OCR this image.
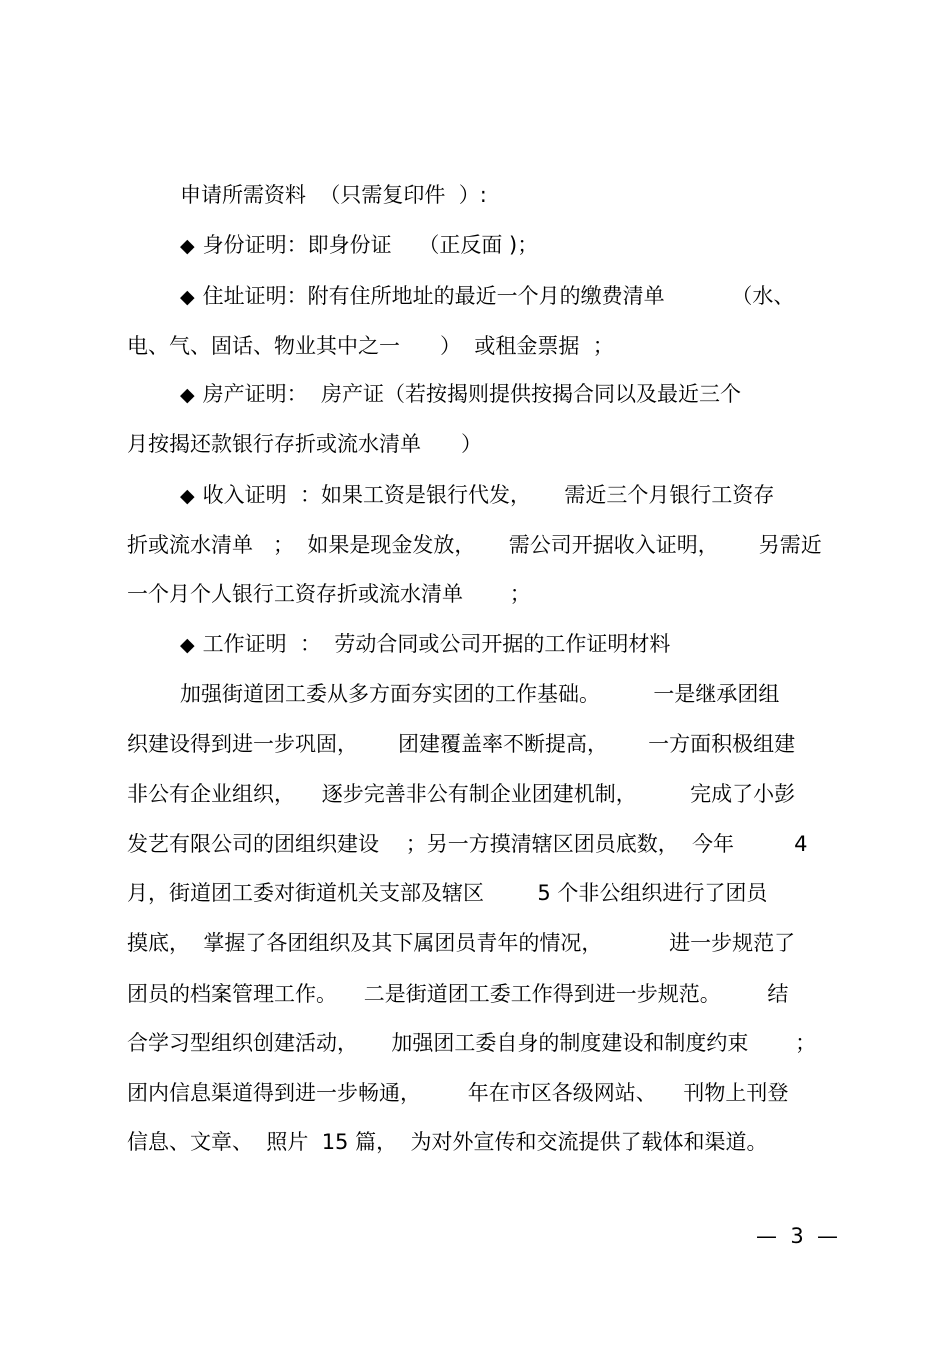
申请所需资料  （只需复印件  ）:
◆ 身份证明：即身份证    （正反面 )；
◆ 住址证明：附有住所地址的最近一个月的缴费清单          （水、
电、气、固话、物业其中之一      ）  或租金票据  ；
◆ 房产证明：  房产证（若按揭则提供按揭合同以及最近三个
月按揭还款银行存折或流水清单      ）
◆ 收入证明  ：如果工资是银行代发，     需近三个月银行工资存
折或流水清单   ；  如果是现金发放，     需公司开据收入证明，      另需近
一个月个人银行工资存折或流水清单       ；
◆ 工作证明  ：  劳动合同或公司开据的工作证明材料
加强街道团工委从多方面夯实团的工作基础。        一是继承团组
织建设得到进一步巩固，      团建覆盖率不断提高，      一方面积极组建
非公有企业组织，    逐步完善非公有制企业团建机制，        完成了小彭
发艺有限公司的团组织建设    ；另一方摸清辖区团员底数，  今年         4
月，街道团工委对街道机关支部及辖区        5 个非公组织进行了团员
摸底，  掌握了各团组织及其下属团员青年的情况，          进一步规范了
团员的档案管理工作。    二是街道团工委工作得到进一步规范。       结
合学习型组织创建活动，     加强团工委自身的制度建设和制度约束       ；
团内信息渠道得到进一步畅通，       年在市区各级网站、    刊物上刊登
信息、文章、  照片  15 篇，  为对外宣传和交流提供了载体和渠道。
—  3  —
